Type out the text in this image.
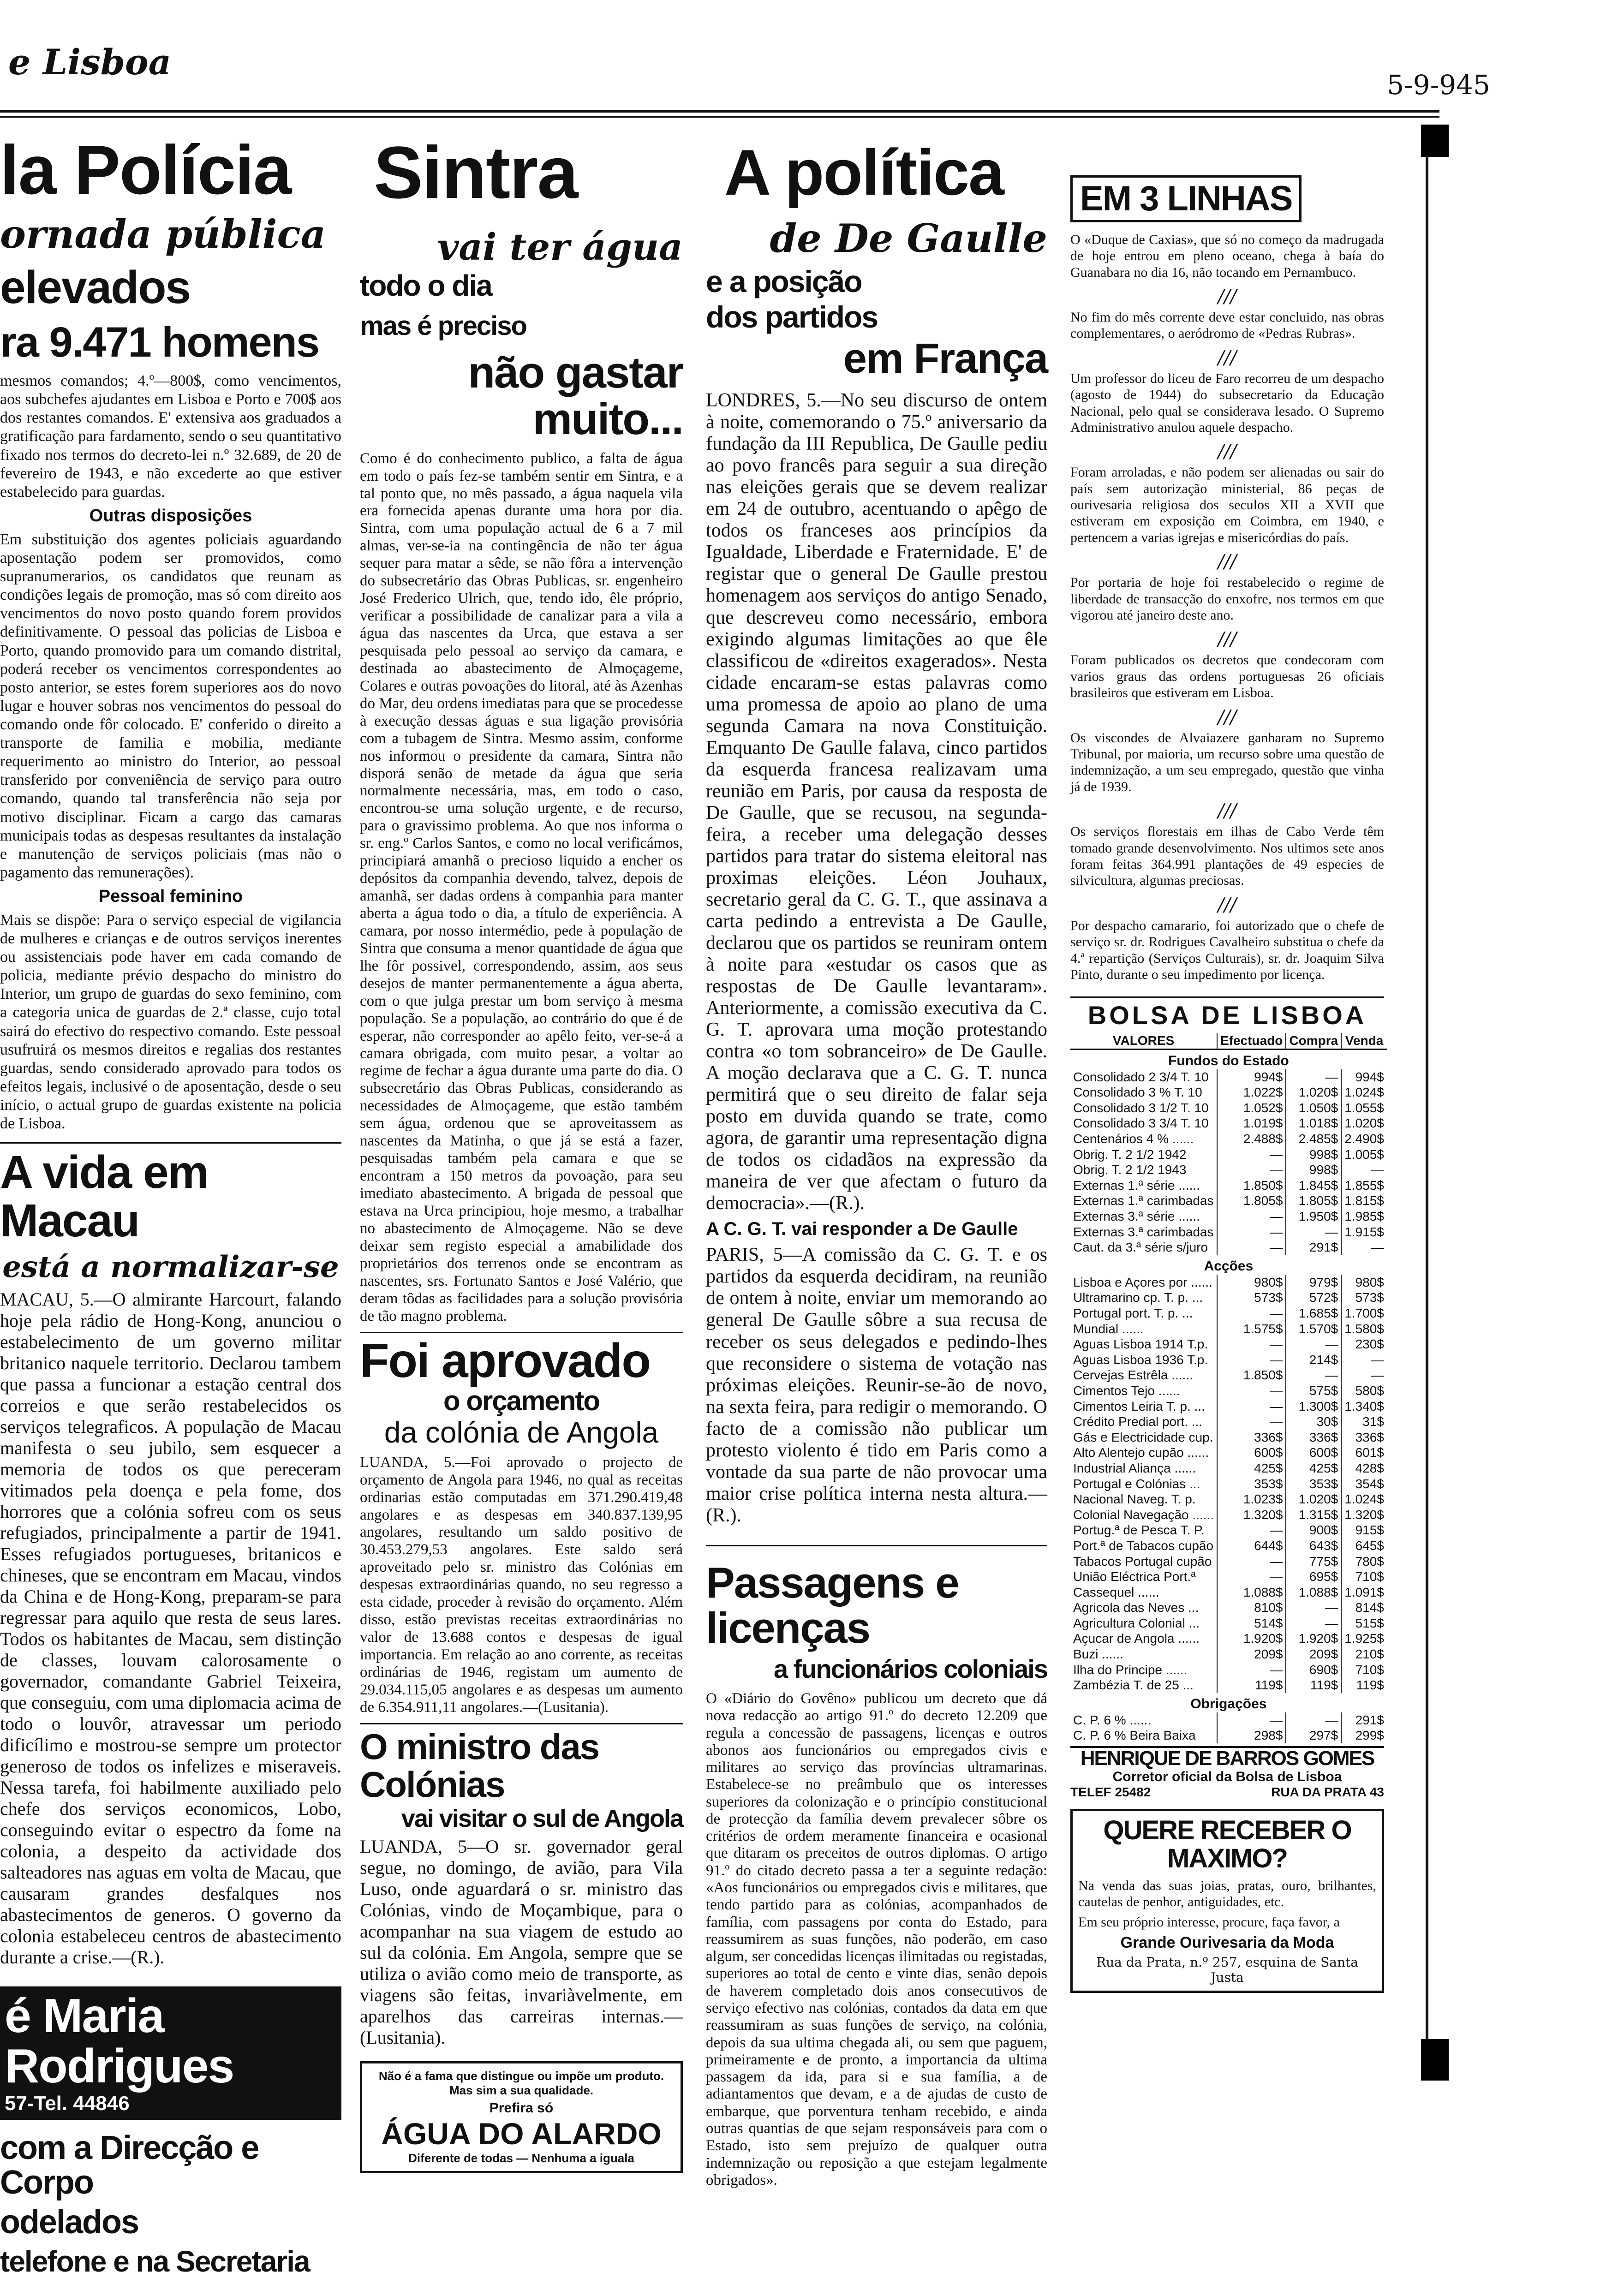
e Lisboa
5-9-945
la Polícia
ornada pública
elevados
ra 9.471 homens
mesmos comandos; 4.º—800$, como vencimentos, aos subchefes ajudantes em Lisboa e Porto e 700$ aos dos restantes comandos. E' extensiva aos graduados a gratificação para fardamento, sendo o seu quantitativo fixado nos termos do decreto-lei n.º 32.689, de 20 de fevereiro de 1943, e não excederte ao que estiver estabelecido para guardas.
Outras disposições
Em substituição dos agentes policiais aguardando aposentação podem ser promovidos, como supranumerarios, os candidatos que reunam as condições legais de promoção, mas só com direito aos vencimentos do novo posto quando forem providos definitivamente. O pessoal das policias de Lisboa e Porto, quando promovido para um comando distrital, poderá receber os vencimentos correspondentes ao posto anterior, se estes forem superiores aos do novo lugar e houver sobras nos vencimentos do pessoal do comando onde fôr colocado. E' conferido o direito a transporte de familia e mobilia, mediante requerimento ao ministro do Interior, ao pessoal transferido por conveniência de serviço para outro comando, quando tal transferência não seja por motivo disciplinar. Ficam a cargo das camaras municipais todas as despesas resultantes da instalação e manutenção de serviços policiais (mas não o pagamento das remunerações).
Pessoal feminino
Mais se dispõe: Para o serviço especial de vigilancia de mulheres e crianças e de outros serviços inerentes ou assistenciais pode haver em cada comando de policia, mediante prévio despacho do ministro do Interior, um grupo de guardas do sexo feminino, com a categoria unica de guardas de 2.ª classe, cujo total sairá do efectivo do respectivo comando. Este pessoal usufruirá os mesmos direitos e regalias dos restantes guardas, sendo considerado aprovado para todos os efeitos legais, inclusivé o de aposentação, desde o seu início, o actual grupo de guardas existente na policia de Lisboa.
A vida em Macau
está a normalizar-se
MACAU, 5.—O almirante Harcourt, falando hoje pela rádio de Hong-Kong, anunciou o estabelecimento de um governo militar britanico naquele territorio. Declarou tambem que passa a funcionar a estação central dos correios e que serão restabelecidos os serviços telegraficos. A população de Macau manifesta o seu jubilo, sem esquecer a memoria de todos os que pereceram vitimados pela doença e pela fome, dos horrores que a colónia sofreu com os seus refugiados, principalmente a partir de 1941. Esses refugiados portugueses, britanicos e chineses, que se encontram em Macau, vindos da China e de Hong-Kong, preparam-se para regressar para aquilo que resta de seus lares. Todos os habitantes de Macau, sem distinção de classes, louvam calorosamente o governador, comandante Gabriel Teixeira, que conseguiu, com uma diplomacia acima de todo o louvôr, atravessar um periodo dificílimo e mostrou-se sempre um protector generoso de todos os infelizes e miseraveis. Nessa tarefa, foi habilmente auxiliado pelo chefe dos serviços economicos, Lobo, conseguindo evitar o espectro da fome na colonia, a despeito da actividade dos salteadores nas aguas em volta de Macau, que causaram grandes desfalques nos abastecimentos de generos. O governo da colonia estabeleceu centros de abastecimento durante a crise.—(R.).
é Maria Rodrigues
57-Tel. 44846
com a Direcção e Corpo
odelados
telefone e na Secretaria
Sintra
vai ter água
todo o dia
mas é preciso
não gastar muito...
Como é do conhecimento publico, a falta de água em todo o país fez-se também sentir em Sintra, e a tal ponto que, no mês passado, a água naquela vila era fornecida apenas durante uma hora por dia. Sintra, com uma população actual de 6 a 7 mil almas, ver-se-ia na contingência de não ter água sequer para matar a sêde, se não fôra a intervenção do subsecretário das Obras Publicas, sr. engenheiro José Frederico Ulrich, que, tendo ido, êle próprio, verificar a possibilidade de canalizar para a vila a água das nascentes da Urca, que estava a ser pesquisada pelo pessoal ao serviço da camara, e destinada ao abastecimento de Almoçageme, Colares e outras povoações do litoral, até às Azenhas do Mar, deu ordens imediatas para que se procedesse à execução dessas águas e sua ligação provisória com a tubagem de Sintra. Mesmo assim, conforme nos informou o presidente da camara, Sintra não disporá senão de metade da água que seria normalmente necessária, mas, em todo o caso, encontrou-se uma solução urgente, e de recurso, para o gravissimo problema. Ao que nos informa o sr. eng.º Carlos Santos, e como no local verificámos, principiará amanhã o precioso liquido a encher os depósitos da companhia devendo, talvez, depois de amanhã, ser dadas ordens à companhia para manter aberta a água todo o dia, a título de experiência. A camara, por nosso intermédio, pede à população de Sintra que consuma a menor quantidade de água que lhe fôr possivel, correspondendo, assim, aos seus desejos de manter permanentemente a água aberta, com o que julga prestar um bom serviço à mesma população. Se a população, ao contrário do que é de esperar, não corresponder ao apêlo feito, ver-se-á a camara obrigada, com muito pesar, a voltar ao regime de fechar a água durante uma parte do dia. O subsecretário das Obras Publicas, considerando as necessidades de Almoçageme, que estão também sem água, ordenou que se aproveitassem as nascentes da Matinha, o que já se está a fazer, pesquisadas também pela camara e que se encontram a 150 metros da povoação, para seu imediato abastecimento. A brigada de pessoal que estava na Urca principiou, hoje mesmo, a trabalhar no abastecimento de Almoçageme. Não se deve deixar sem registo especial a amabilidade dos proprietários dos terrenos onde se encontram as nascentes, srs. Fortunato Santos e José Valério, que deram tôdas as facilidades para a solução provisória de tão magno problema.
Foi aprovado
o orçamento
da colónia de Angola
LUANDA, 5.—Foi aprovado o projecto de orçamento de Angola para 1946, no qual as receitas ordinarias estão computadas em 371.290.419,48 angolares e as despesas em 340.837.139,95 angolares, resultando um saldo positivo de 30.453.279,53 angolares. Este saldo será aproveitado pelo sr. ministro das Colónias em despesas extraordinárias quando, no seu regresso a esta cidade, proceder à revisão do orçamento. Além disso, estão previstas receitas extraordinárias no valor de 13.688 contos e despesas de igual importancia. Em relação ao ano corrente, as receitas ordinárias de 1946, registam um aumento de 29.034.115,05 angolares e as despesas um aumento de 6.354.911,11 angolares.—(Lusitania).
O ministro das Colónias
vai visitar o sul de Angola
LUANDA, 5—O sr. governador geral segue, no domingo, de avião, para Vila Luso, onde aguardará o sr. ministro das Colónias, vindo de Moçambique, para o acompanhar na sua viagem de estudo ao sul da colónia. Em Angola, sempre que se utiliza o avião como meio de transporte, as viagens são feitas, invariàvelmente, em aparelhos das carreiras internas.—(Lusitania).
Não é a fama que distingue ou impõe um produto. Mas sim a sua qualidade.
Prefira só
ÁGUA DO ALARDO
Diferente de todas — Nenhuma a iguala
A política
de De Gaulle
e a posição
dos partidos
em França
LONDRES, 5.—No seu discurso de ontem à noite, comemorando o 75.º aniversario da fundação da III Republica, De Gaulle pediu ao povo francês para seguir a sua direção nas eleições gerais que se devem realizar em 24 de outubro, acentuando o apêgo de todos os franceses aos princípios da Igualdade, Liberdade e Fraternidade. E' de registar que o general De Gaulle prestou homenagem aos serviços do antigo Senado, que descreveu como necessário, embora exigindo algumas limitações ao que êle classificou de «direitos exagerados». Nesta cidade encaram-se estas palavras como uma promessa de apoio ao plano de uma segunda Camara na nova Constituição. Emquanto De Gaulle falava, cinco partidos da esquerda francesa realizavam uma reunião em Paris, por causa da resposta de De Gaulle, que se recusou, na segunda-feira, a receber uma delegação desses partidos para tratar do sistema eleitoral nas proximas eleições. Léon Jouhaux, secretario geral da C. G. T., que assinava a carta pedindo a entrevista a De Gaulle, declarou que os partidos se reuniram ontem à noite para «estudar os casos que as respostas de De Gaulle levantaram». Anteriormente, a comissão executiva da C. G. T. aprovara uma moção protestando contra «o tom sobranceiro» de De Gaulle. A moção declarava que a C. G. T. nunca permitirá que o seu direito de falar seja posto em duvida quando se trate, como agora, de garantir uma representação digna de todos os cidadãos na expressão da maneira de ver que afectam o futuro da democracia».—(R.).
A C. G. T. vai responder a De Gaulle
PARIS, 5—A comissão da C. G. T. e os partidos da esquerda decidiram, na reunião de ontem à noite, enviar um memorando ao general De Gaulle sôbre a sua recusa de receber os seus delegados e pedindo-lhes que reconsidere o sistema de votação nas próximas eleições. Reunir-se-ão de novo, na sexta feira, para redigir o memorando. O facto de a comissão não publicar um protesto violento é tido em Paris como a vontade da sua parte de não provocar uma maior crise política interna nesta altura.—(R.).
Passagens e licenças
a funcionários coloniais
O «Diário do Govêno» publicou um decreto que dá nova redacção ao artigo 91.º do decreto 12.209 que regula a concessão de passagens, licenças e outros abonos aos funcionários ou empregados civis e militares ao serviço das províncias ultramarinas. Estabelece-se no preâmbulo que os interesses superiores da colonização e o princípio constitucional de protecção da família devem prevalecer sôbre os critérios de ordem meramente financeira e ocasional que ditaram os preceitos de outros diplomas. O artigo 91.º do citado decreto passa a ter a seguinte redação: «Aos funcionários ou empregados civis e militares, que tendo partido para as colónias, acompanhados de família, com passagens por conta do Estado, para reassumirem as suas funções, não poderão, em caso algum, ser concedidas licenças ilimitadas ou registadas, superiores ao total de cento e vinte dias, senão depois de haverem completado dois anos consecutivos de serviço efectivo nas colónias, contados da data em que reassumiram as suas funções de serviço, na colónia, depois da sua ultima chegada ali, ou sem que paguem, primeiramente e de pronto, a importancia da ultima passagem da ida, para si e sua família, a de adiantamentos que devam, e a de ajudas de custo de embarque, que porventura tenham recebido, e ainda outras quantias de que sejam responsáveis para com o Estado, isto sem prejuízo de qualquer outra indemnização ou reposição a que estejam legalmente obrigados».
EM 3 LINHAS
O «Duque de Caxias», que só no começo da madrugada de hoje entrou em pleno oceano, chega à baía do Guanabara no dia 16, não tocando em Pernambuco.
///
No fim do mês corrente deve estar concluido, nas obras complementares, o aeródromo de «Pedras Rubras».
///
Um professor do liceu de Faro recorreu de um despacho (agosto de 1944) do subsecretario da Educação Nacional, pelo qual se considerava lesado. O Supremo Administrativo anulou aquele despacho.
///
Foram arroladas, e não podem ser alienadas ou sair do país sem autorização ministerial, 86 peças de ourivesaria religiosa dos seculos XII a XVII que estiveram em exposição em Coimbra, em 1940, e pertencem a varias igrejas e misericórdias do país.
///
Por portaria de hoje foi restabelecido o regime de liberdade de transacção do enxofre, nos termos em que vigorou até janeiro deste ano.
///
Foram publicados os decretos que condecoram com varios graus das ordens portuguesas 26 oficiais brasileiros que estiveram em Lisboa.
///
Os viscondes de Alvaiazere ganharam no Supremo Tribunal, por maioria, um recurso sobre uma questão de indemnização, a um seu empregado, questão que vinha já de 1939.
///
Os serviços florestais em ilhas de Cabo Verde têm tomado grande desenvolvimento. Nos ultimos sete anos foram feitas 364.991 plantações de 49 especies de silvicultura, algumas preciosas.
///
Por despacho camarario, foi autorizado que o chefe de serviço sr. dr. Rodrigues Cavalheiro substitua o chefe da 4.ª repartição (Serviços Culturais), sr. dr. Joaquim Silva Pinto, durante o seu impedimento por licença.
BOLSA DE LISBOA
VALORES	Efectuado	Compra	Venda
Fundos do Estado			
Consolidado 2 3/4 T. 10	994$	—	994$
Consolidado 3 % T. 10	1.022$	1.020$	1.024$
Consolidado 3 1/2 T. 10	1.052$	1.050$	1.055$
Consolidado 3 3/4 T. 10	1.019$	1.018$	1.020$
Centenários 4 % ......	2.488$	2.485$	2.490$
Obrig. T. 2 1/2 1942	—	998$	1.005$
Obrig. T. 2 1/2 1943	—	998$	—
Externas 1.ª série ......	1.850$	1.845$	1.855$
Externas 1.ª carimbadas	1.805$	1.805$	1.815$
Externas 3.ª série ......	—	1.950$	1.985$
Externas 3.ª carimbadas	—	—	1.915$
Caut. da 3.ª série s/juro	—	291$	—
Acções			
Lisboa e Açores por ......	980$	979$	980$
Ultramarino cp. T. p. ...	573$	572$	573$
Portugal port. T. p. ...	—	1.685$	1.700$
Mundial ......	1.575$	1.570$	1.580$
Aguas Lisboa 1914 T.p.	—	—	230$
Aguas Lisboa 1936 T.p.	—	214$	—
Cervejas Estrêla ......	1.850$	—	—
Cimentos Tejo ......	—	575$	580$
Cimentos Leiria T. p. ...	—	1.300$	1.340$
Crédito Predial port. ...	—	30$	31$
Gás e Electricidade cup.	336$	336$	336$
Alto Alentejo cupão ......	600$	600$	601$
Industrial Aliança ......	425$	425$	428$
Portugal e Colónias ...	353$	353$	354$
Nacional Naveg. T. p.	1.023$	1.020$	1.024$
Colonial Navegação ......	1.320$	1.315$	1.320$
Portug.ª de Pesca T. P.	—	900$	915$
Port.ª de Tabacos cupão	644$	643$	645$
Tabacos Portugal cupão	—	775$	780$
União Eléctrica Port.ª	—	695$	710$
Cassequel ......	1.088$	1.088$	1.091$
Agricola das Neves ...	810$	—	814$
Agricultura Colonial ...	514$	—	515$
Açucar de Angola ......	1.920$	1.920$	1.925$
Buzi ......	209$	209$	210$
Ilha do Principe ......	—	690$	710$
Zambézia T. de 25 ...	119$	119$	119$
Obrigações			
C. P. 6 % ......	—	—	291$
C. P. 6 % Beira Baixa	298$	297$	299$
HENRIQUE DE BARROS GOMES
Corretor oficial da Bolsa de Lisboa
TELEF 25482	RUA DA PRATA 43
QUERE RECEBER O MAXIMO?
Na venda das suas joias, pratas, ouro, brilhantes, cautelas de penhor, antiguidades, etc.
Em seu próprio interesse, procure, faça favor, a
Grande Ourivesaria da Moda
Rua da Prata, n.º 257, esquina de Santa Justa
